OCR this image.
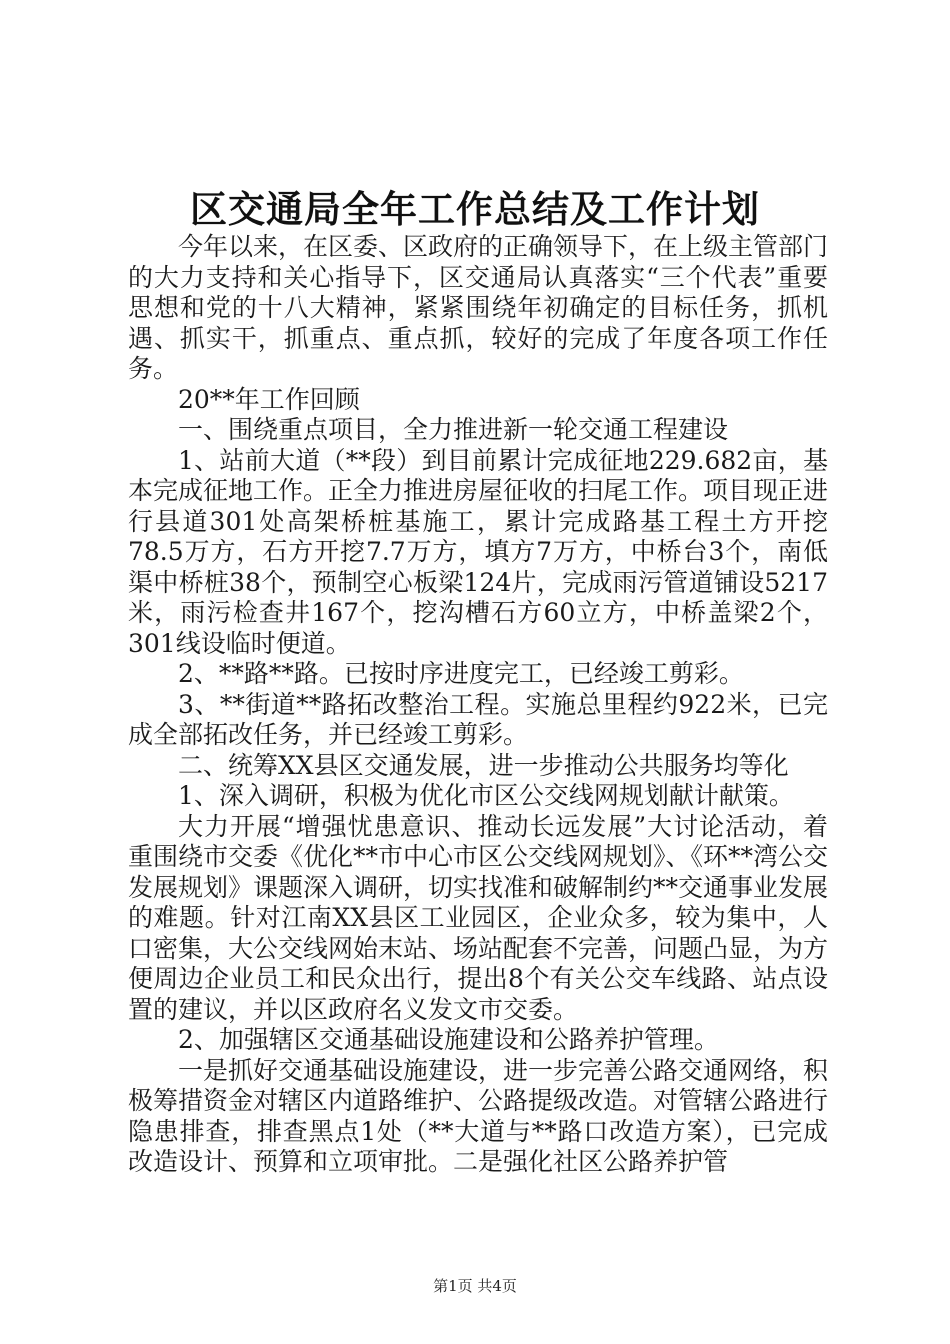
区交通局全年工作总结及工作计划

今年以来，在区委、区政府的正确领导下，在上级主管部门的大力支持和关心指导下，区交通局认真落实“三个代表”重要思想和党的十八大精神，紧紧围绕年初确定的目标任务，抓机遇、抓实干，抓重点、重点抓，较好的完成了年度各项工作任务。

20**年工作回顾

一、围绕重点项目，全力推进新一轮交通工程建设

1、站前大道（**段）到目前累计完成征地229.682亩，基本完成征地工作。正全力推进房屋征收的扫尾工作。项目现正进行县道301处高架桥桩基施工，累计完成路基工程土方开挖78.5万方，石方开挖7.7万方，填方7万方，中桥台3个，南低渠中桥桩38个，预制空心板梁124片，完成雨污管道铺设5217米，雨污检查井167个，挖沟槽石方60立方，中桥盖梁2个，301线设临时便道。

2、**路**路。已按时序进度完工，已经竣工剪彩。

3、**街道**路拓改整治工程。实施总里程约922米，已完成全部拓改任务，并已经竣工剪彩。

二、统筹XX县区交通发展，进一步推动公共服务均等化

1、深入调研，积极为优化市区公交线网规划献计献策。

大力开展“增强忧患意识、推动长远发展”大讨论活动，着重围绕市交委《优化**市中心市区公交线网规划》、《环**湾公交发展规划》课题深入调研，切实找准和破解制约**交通事业发展的难题。针对江南XX县区工业园区，企业众多，较为集中，人口密集，大公交线网始末站、场站配套不完善，问题凸显，为方便周边企业员工和民众出行，提出8个有关公交车线路、站点设置的建议，并以区政府名义发文市交委。

2、加强辖区交通基础设施建设和公路养护管理。

一是抓好交通基础设施建设，进一步完善公路交通网络，积极筹措资金对辖区内道路维护、公路提级改造。对管辖公路进行隐患排查，排查黑点1处（**大道与**路口改造方案），已完成改造设计、预算和立项审批。二是强化社区公路养护管

第1页 共4页
